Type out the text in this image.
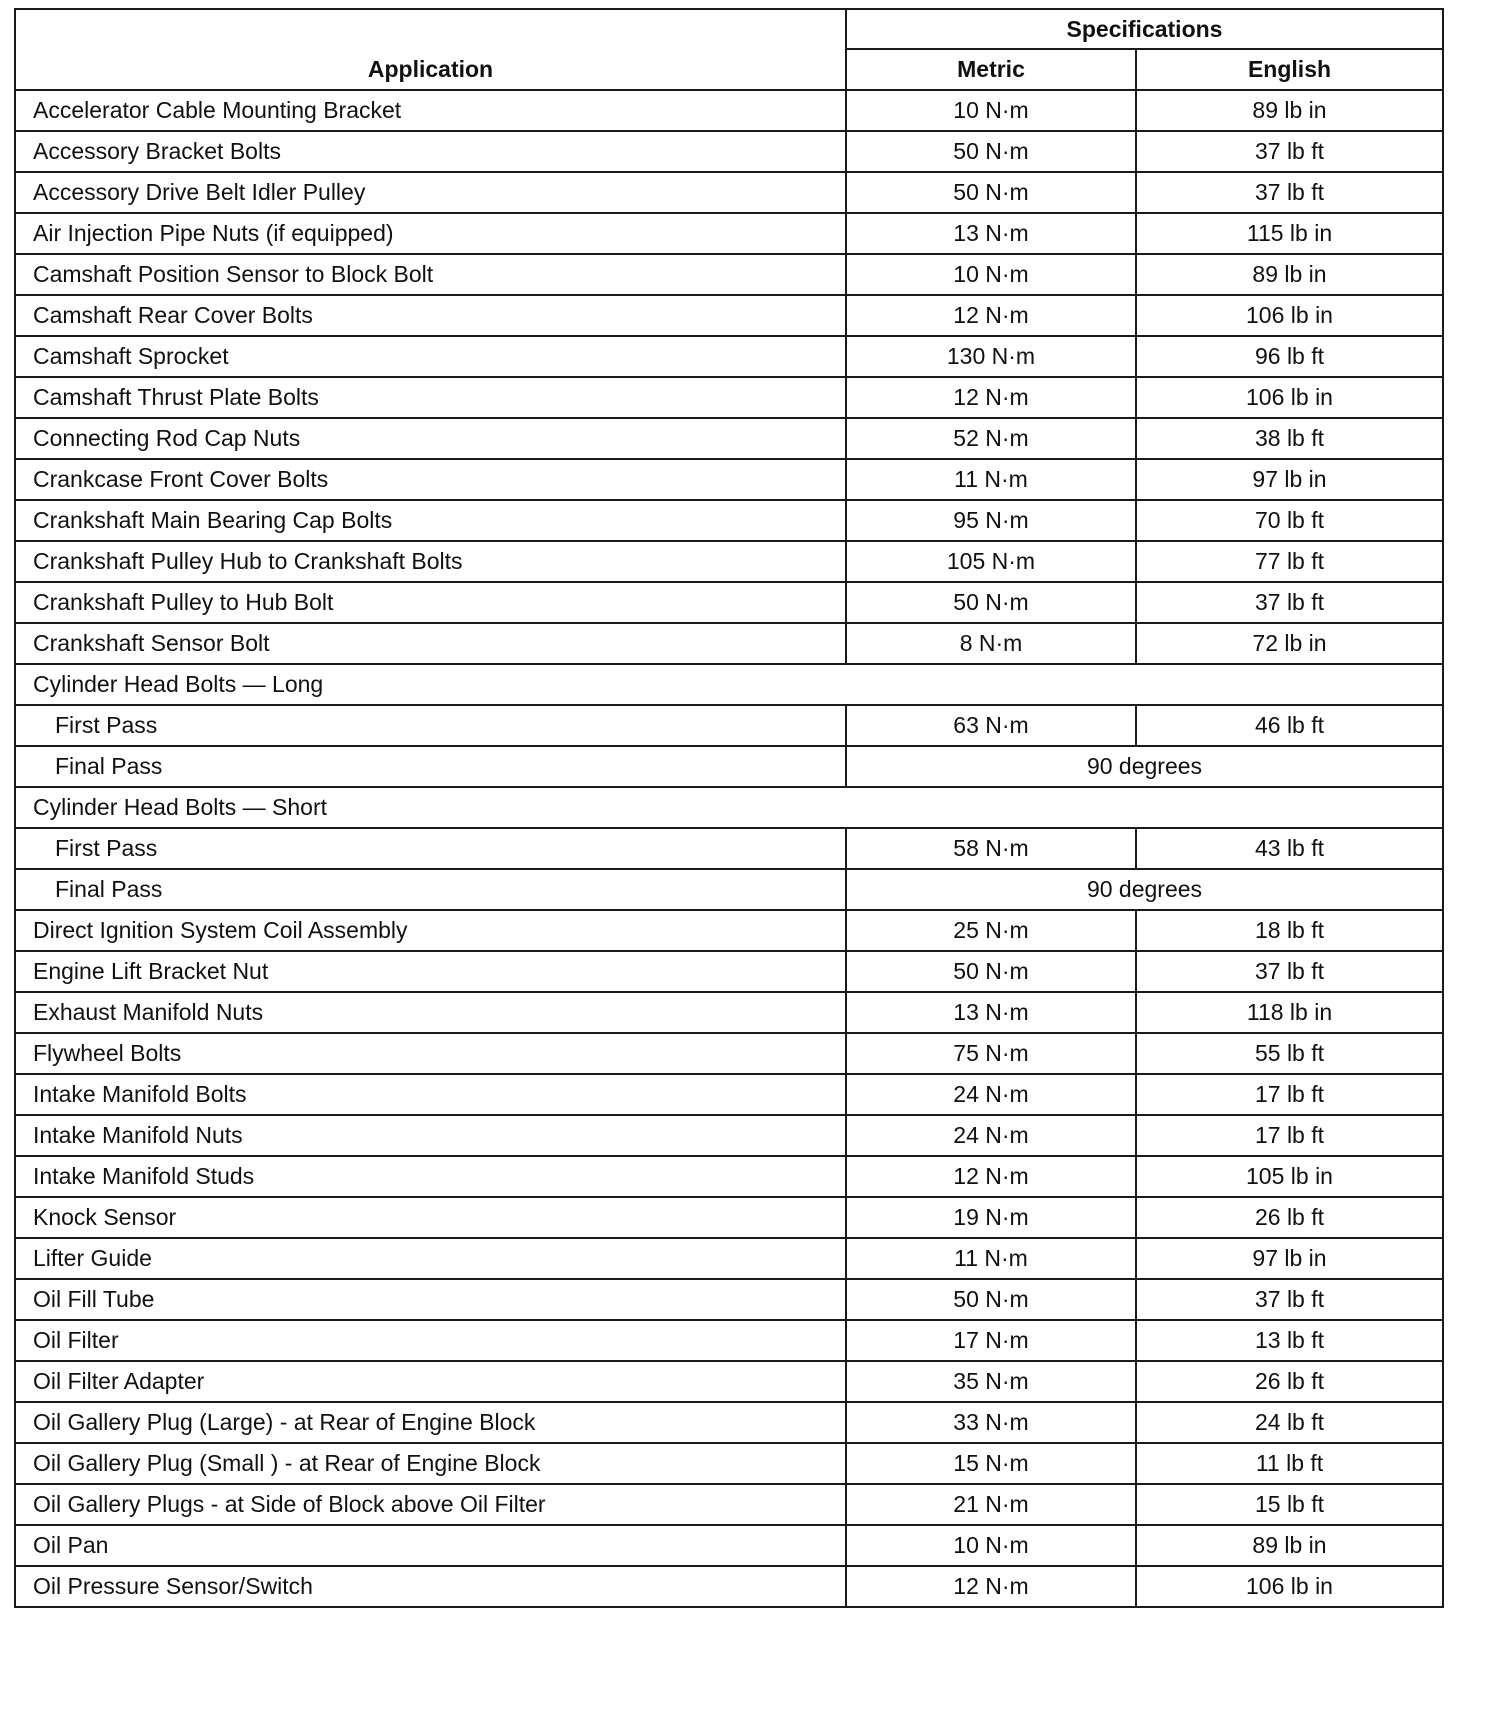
Application	Specifications	
	Metric	English
Accelerator Cable Mounting Bracket	10 N·m	89 lb in
Accessory Bracket Bolts	50 N·m	37 lb ft
Accessory Drive Belt Idler Pulley	50 N·m	37 lb ft
Air Injection Pipe Nuts (if equipped)	13 N·m	115 lb in
Camshaft Position Sensor to Block Bolt	10 N·m	89 lb in
Camshaft Rear Cover Bolts	12 N·m	106 lb in
Camshaft Sprocket	130 N·m	96 lb ft
Camshaft Thrust Plate Bolts	12 N·m	106 lb in
Connecting Rod Cap Nuts	52 N·m	38 lb ft
Crankcase Front Cover Bolts	11 N·m	97 lb in
Crankshaft Main Bearing Cap Bolts	95 N·m	70 lb ft
Crankshaft Pulley Hub to Crankshaft Bolts	105 N·m	77 lb ft
Crankshaft Pulley to Hub Bolt	50 N·m	37 lb ft
Crankshaft Sensor Bolt	8 N·m	72 lb in
Cylinder Head Bolts — Long		
First Pass	63 N·m	46 lb ft
Final Pass	90 degrees	
Cylinder Head Bolts — Short		
First Pass	58 N·m	43 lb ft
Final Pass	90 degrees	
Direct Ignition System Coil Assembly	25 N·m	18 lb ft
Engine Lift Bracket Nut	50 N·m	37 lb ft
Exhaust Manifold Nuts	13 N·m	118 lb in
Flywheel Bolts	75 N·m	55 lb ft
Intake Manifold Bolts	24 N·m	17 lb ft
Intake Manifold Nuts	24 N·m	17 lb ft
Intake Manifold Studs	12 N·m	105 lb in
Knock Sensor	19 N·m	26 lb ft
Lifter Guide	11 N·m	97 lb in
Oil Fill Tube	50 N·m	37 lb ft
Oil Filter	17 N·m	13 lb ft
Oil Filter Adapter	35 N·m	26 lb ft
Oil Gallery Plug (Large) - at Rear of Engine Block	33 N·m	24 lb ft
Oil Gallery Plug (Small ) - at Rear of Engine Block	15 N·m	11 lb ft
Oil Gallery Plugs - at Side of Block above Oil Filter	21 N·m	15 lb ft
Oil Pan	10 N·m	89 lb in
Oil Pressure Sensor/Switch	12 N·m	106 lb in
